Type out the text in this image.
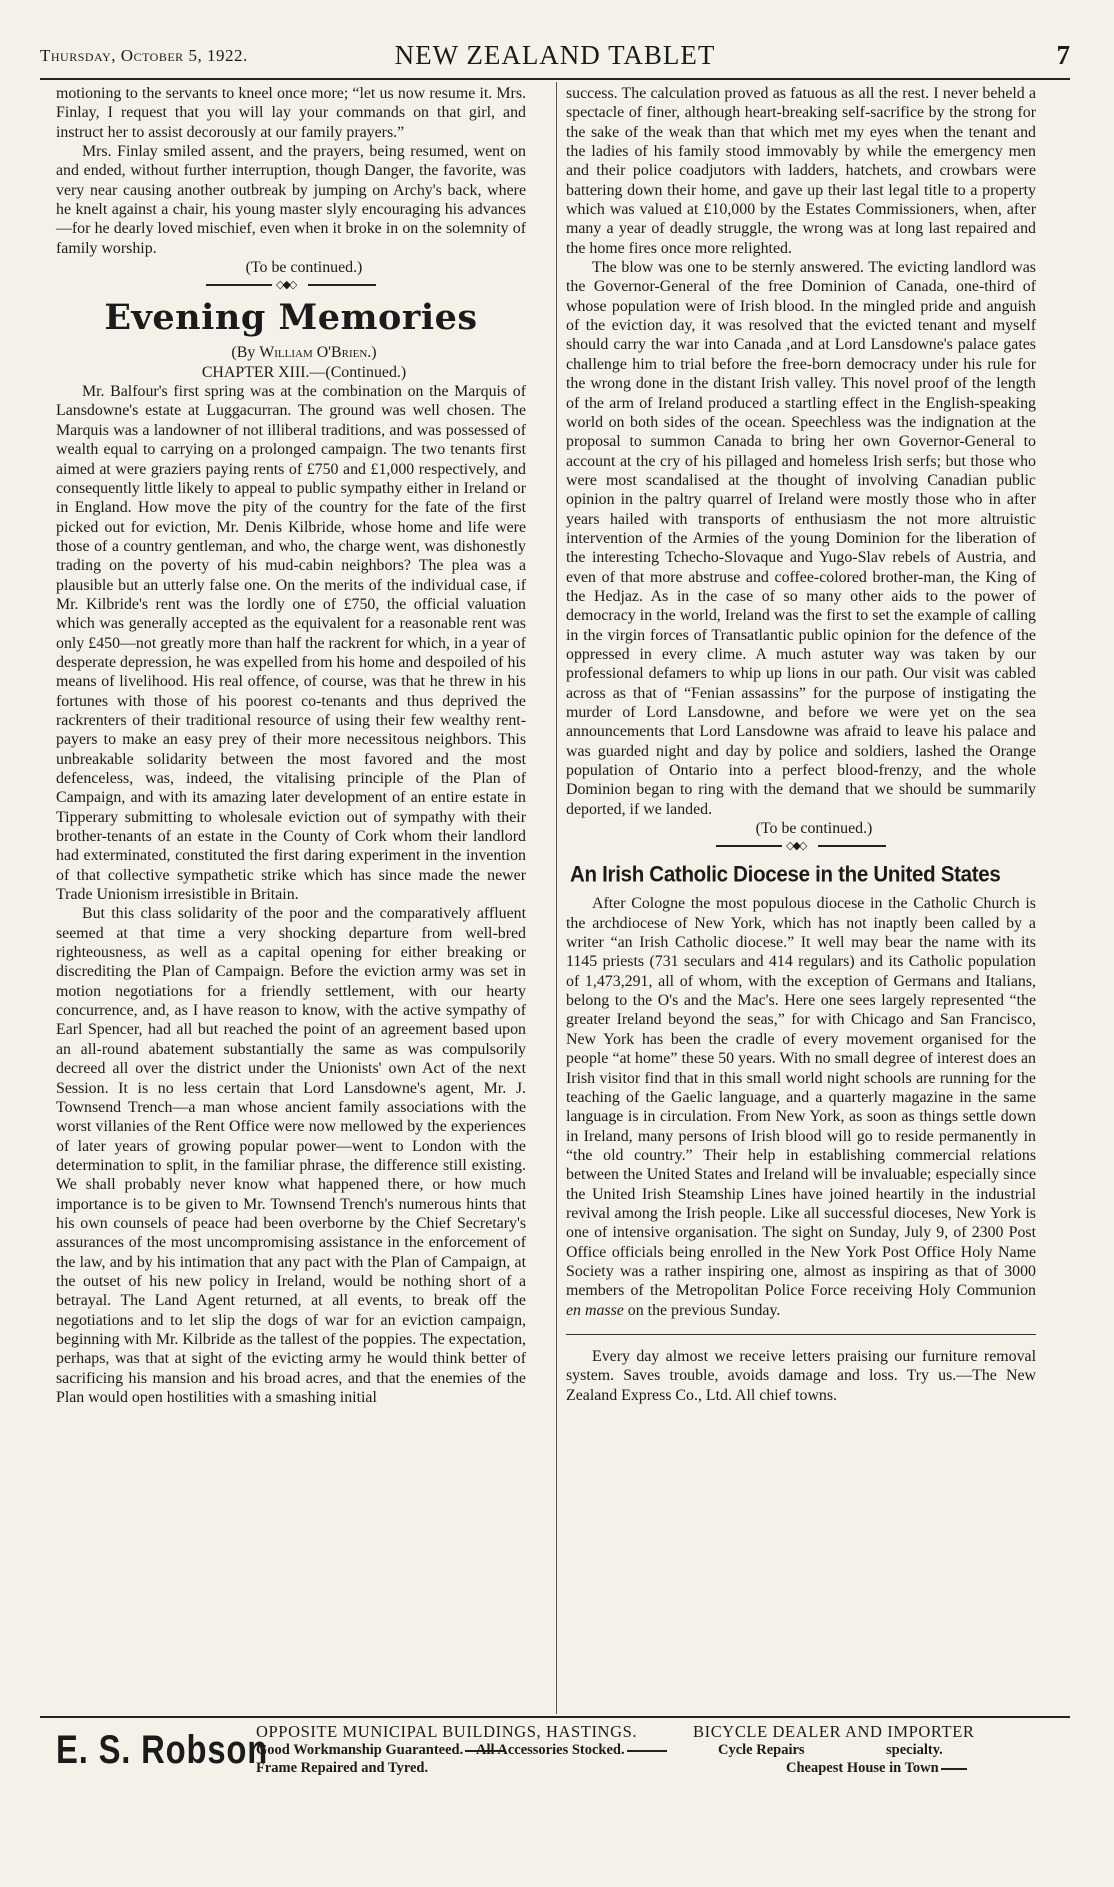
Thursday, October 5, 1922.	NEW ZEALAND TABLET	7

motioning to the servants to kneel once more; “let us now resume it. Mrs. Finlay, I request that you will lay your commands on that girl, and instruct her to assist decorously at our family prayers.”

Mrs. Finlay smiled assent, and the prayers, being resumed, went on and ended, without further interruption, though Danger, the favorite, was very near causing another outbreak by jumping on Archy's back, where he knelt against a chair, his young master slyly encouraging his advances—for he dearly loved mischief, even when it broke in on the solemnity of family worship.

(To be continued.)

◇◆◇
Evening Memories

(By William O'Brien.)

CHAPTER XIII.—(Continued.)

Mr. Balfour's first spring was at the combination on the Marquis of Lansdowne's estate at Luggacurran. The ground was well chosen. The Marquis was a landowner of not illiberal traditions, and was possessed of wealth equal to carrying on a prolonged campaign. The two tenants first aimed at were graziers paying rents of £750 and £1,000 respectively, and consequently little likely to appeal to public sympathy either in Ireland or in England. How move the pity of the country for the fate of the first picked out for eviction, Mr. Denis Kilbride, whose home and life were those of a country gentleman, and who, the charge went, was dishonestly trading on the poverty of his mud-cabin neighbors? The plea was a plausible but an utterly false one. On the merits of the individual case, if Mr. Kilbride's rent was the lordly one of £750, the official valuation which was generally accepted as the equivalent for a reasonable rent was only £450—not greatly more than half the rackrent for which, in a year of desperate depression, he was expelled from his home and despoiled of his means of livelihood. His real offence, of course, was that he threw in his fortunes with those of his poorest co-tenants and thus deprived the rackrenters of their traditional resource of using their few wealthy rent-payers to make an easy prey of their more necessitous neighbors. This unbreakable solidarity between the most favored and the most defenceless, was, indeed, the vitalising principle of the Plan of Campaign, and with its amazing later development of an entire estate in Tipperary submitting to wholesale eviction out of sympathy with their brother-tenants of an estate in the County of Cork whom their landlord had exterminated, constituted the first daring experiment in the invention of that collective sympathetic strike which has since made the newer Trade Unionism irresistible in Britain.

But this class solidarity of the poor and the comparatively affluent seemed at that time a very shocking departure from well-bred righteousness, as well as a capital opening for either breaking or discrediting the Plan of Campaign. Before the eviction army was set in motion negotiations for a friendly settlement, with our hearty concurrence, and, as I have reason to know, with the active sympathy of Earl Spencer, had all but reached the point of an agreement based upon an all-round abatement substantially the same as was compulsorily decreed all over the district under the Unionists' own Act of the next Session. It is no less certain that Lord Lansdowne's agent, Mr. J. Townsend Trench—a man whose ancient family associations with the worst villanies of the Rent Office were now mellowed by the experiences of later years of growing popular power—went to London with the determination to split, in the familiar phrase, the difference still existing. We shall probably never know what happened there, or how much importance is to be given to Mr. Townsend Trench's numerous hints that his own counsels of peace had been overborne by the Chief Secretary's assurances of the most uncompromising assistance in the enforcement of the law, and by his intimation that any pact with the Plan of Campaign, at the outset of his new policy in Ireland, would be nothing short of a betrayal. The Land Agent returned, at all events, to break off the negotiations and to let slip the dogs of war for an eviction campaign, beginning with Mr. Kilbride as the tallest of the poppies. The expectation, perhaps, was that at sight of the evicting army he would think better of sacrificing his mansion and his broad acres, and that the enemies of the Plan would open hostilities with a smashing initial

success. The calculation proved as fatuous as all the rest. I never beheld a spectacle of finer, although heart-breaking self-sacrifice by the strong for the sake of the weak than that which met my eyes when the tenant and the ladies of his family stood immovably by while the emergency men and their police coadjutors with ladders, hatchets, and crowbars were battering down their home, and gave up their last legal title to a property which was valued at £10,000 by the Estates Commissioners, when, after many a year of deadly struggle, the wrong was at long last repaired and the home fires once more relighted.

The blow was one to be sternly answered. The evicting landlord was the Governor-General of the free Dominion of Canada, one-third of whose population were of Irish blood. In the mingled pride and anguish of the eviction day, it was resolved that the evicted tenant and myself should carry the war into Canada ,and at Lord Lansdowne's palace gates challenge him to trial before the free-born democracy under his rule for the wrong done in the distant Irish valley. This novel proof of the length of the arm of Ireland produced a startling effect in the English-speaking world on both sides of the ocean. Speechless was the indignation at the proposal to summon Canada to bring her own Governor-General to account at the cry of his pillaged and homeless Irish serfs; but those who were most scandalised at the thought of involving Canadian public opinion in the paltry quarrel of Ireland were mostly those who in after years hailed with transports of enthusiasm the not more altruistic intervention of the Armies of the young Dominion for the liberation of the interesting Tchecho-Slovaque and Yugo-Slav rebels of Austria, and even of that more abstruse and coffee-colored brother-man, the King of the Hedjaz. As in the case of so many other aids to the power of democracy in the world, Ireland was the first to set the example of calling in the virgin forces of Transatlantic public opinion for the defence of the oppressed in every clime. A much astuter way was taken by our professional defamers to whip up lions in our path. Our visit was cabled across as that of “Fenian assassins” for the purpose of instigating the murder of Lord Lansdowne, and before we were yet on the sea announcements that Lord Lansdowne was afraid to leave his palace and was guarded night and day by police and soldiers, lashed the Orange population of Ontario into a perfect blood-frenzy, and the whole Dominion began to ring with the demand that we should be summarily deported, if we landed.

(To be continued.)

◇◆◇
An Irish Catholic Diocese in the United States

After Cologne the most populous diocese in the Catholic Church is the archdiocese of New York, which has not inaptly been called by a writer “an Irish Catholic diocese.” It well may bear the name with its 1145 priests (731 seculars and 414 regulars) and its Catholic population of 1,473,291, all of whom, with the exception of Germans and Italians, belong to the O's and the Mac's. Here one sees largely represented “the greater Ireland beyond the seas,” for with Chicago and San Francisco, New York has been the cradle of every movement organised for the people “at home” these 50 years. With no small degree of interest does an Irish visitor find that in this small world night schools are running for the teaching of the Gaelic language, and a quarterly magazine in the same language is in circulation. From New York, as soon as things settle down in Ireland, many persons of Irish blood will go to reside permanently in “the old country.” Their help in establishing commercial relations between the United States and Ireland will be invaluable; especially since the United Irish Steamship Lines have joined heartily in the industrial revival among the Irish people. Like all successful dioceses, New York is one of intensive organisation. The sight on Sunday, July 9, of 2300 Post Office officials being enrolled in the New York Post Office Holy Name Society was a rather inspiring one, almost as inspiring as that of 3000 members of the Metropolitan Police Force receiving Holy Communion en masse on the previous Sunday.

Every day almost we receive letters praising our furniture removal system. Saves trouble, avoids damage and loss. Try us.—The New Zealand Express Co., Ltd. All chief towns.

E. S. Robson
OPPOSITE MUNICIPAL BUILDINGS, HASTINGS.	BICYCLE DEALER AND IMPORTER
Good Workmanship Guaranteed. All Accessories Stocked.	Cycle Repairs	specialty.
Frame Repaired and Tyred.	Cheapest House in Town
